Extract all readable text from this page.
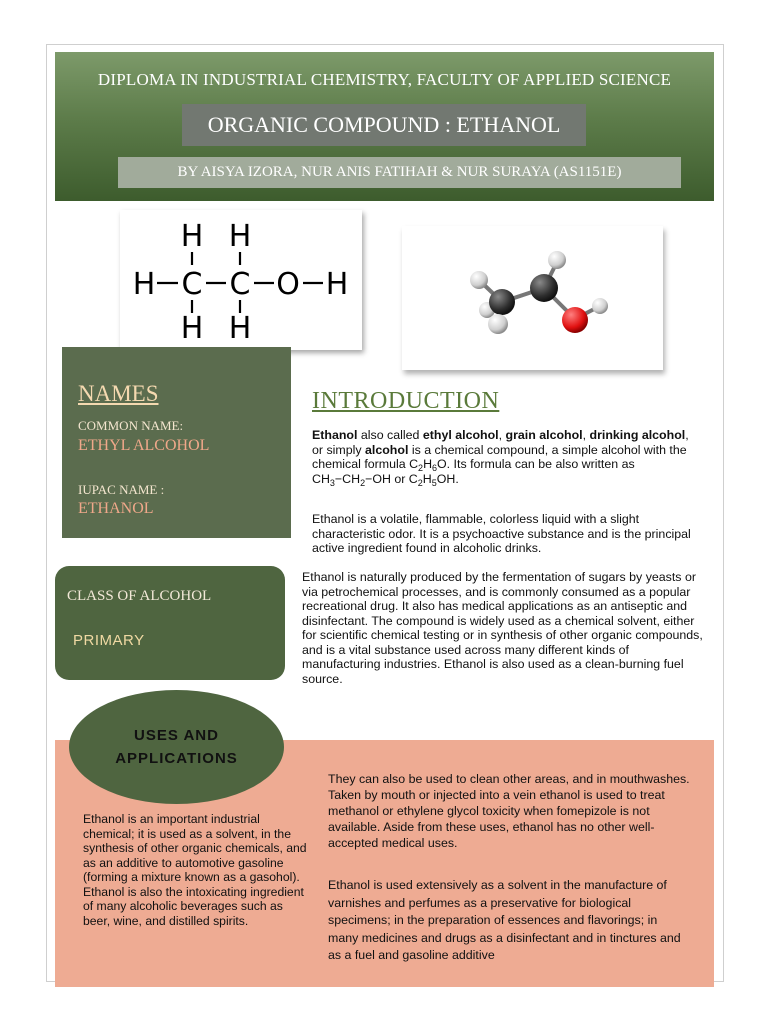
DIPLOMA IN INDUSTRIAL CHEMISTRY, FACULTY OF APPLIED SCIENCE
ORGANIC COMPOUND : ETHANOL
BY AISYA IZORA, NUR ANIS FATIHAH & NUR SURAYA (AS1151E)
H H
H C C O H
H H
NAMES
COMMON NAME:
ETHYL ALCOHOL
IUPAC NAME :
ETHANOL
INTRODUCTION
Ethanol also called ethyl alcohol, grain alcohol, drinking alcohol, or simply alcohol is a chemical compound, a simple alcohol with the chemical formula $C_2H_6O$. Its formula can be also written as $CH_3-CH_2-OH$ or $C_2H_5OH$.
Ethanol is a volatile, flammable, colorless liquid with a slight characteristic odor. It is a psychoactive substance and is the principal active ingredient found in alcoholic drinks.
Ethanol is naturally produced by the fermentation of sugars by yeasts or via petrochemical processes, and is commonly consumed as a popular recreational drug. It also has medical applications as an antiseptic and disinfectant. The compound is widely used as a chemical solvent, either for scientific chemical testing or in synthesis of other organic compounds, and is a vital substance used across many different kinds of manufacturing industries. Ethanol is also used as a clean-burning fuel source.
CLASS OF ALCOHOL
PRIMARY
USES AND
APPLICATIONS
Ethanol is an important industrial chemical; it is used as a solvent, in the synthesis of other organic chemicals, and as an additive to automotive gasoline (forming a mixture known as a gasohol). Ethanol is also the intoxicating ingredient of many alcoholic beverages such as beer, wine, and distilled spirits.
They can also be used to clean other areas, and in mouthwashes. Taken by mouth or injected into a vein ethanol is used to treat methanol or ethylene glycol toxicity when fomepizole is not available. Aside from these uses, ethanol has no other well-accepted medical uses.
Ethanol is used extensively as a solvent in the manufacture of varnishes and perfumes as a preservative for biological specimens; in the preparation of essences and flavorings; in many medicines and drugs as a disinfectant and in tinctures and as a fuel and gasoline additive
